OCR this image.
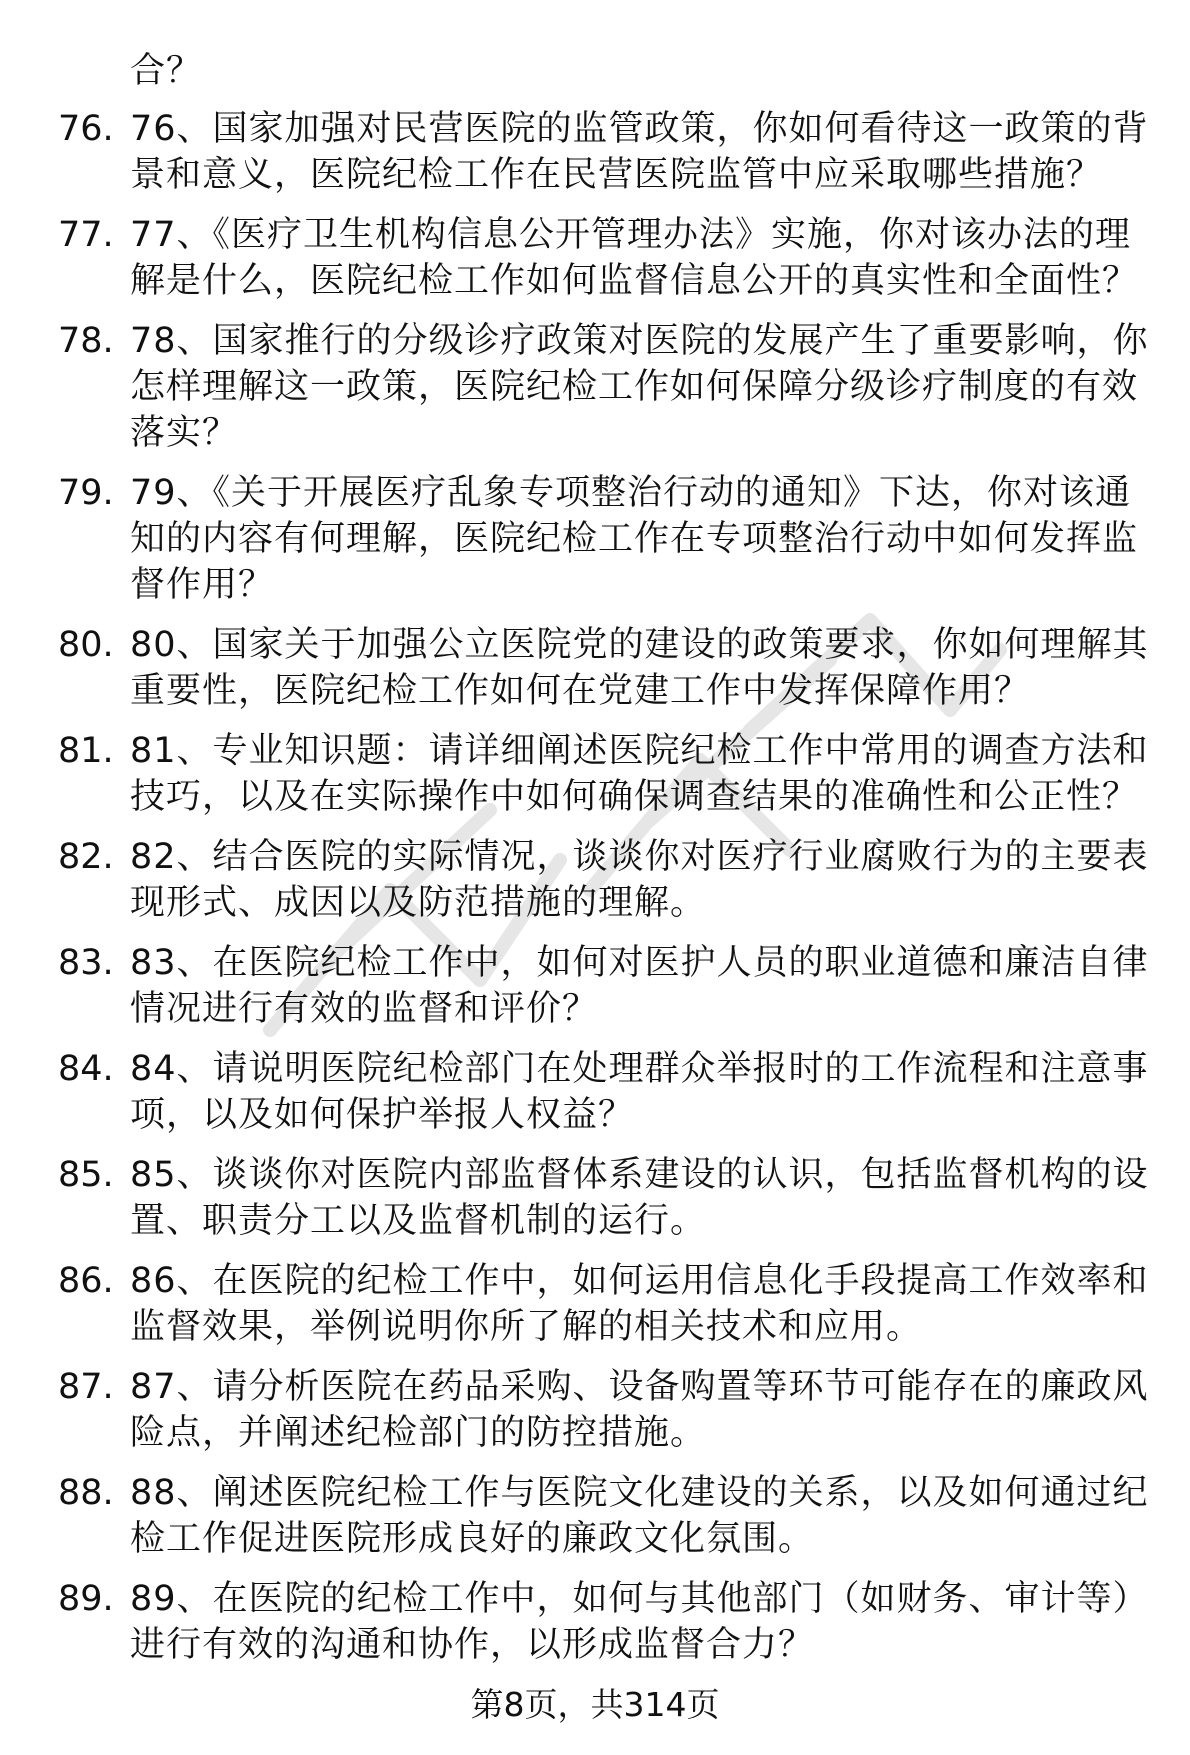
合？
76. 76、国家加强对民营医院的监管政策，你如何看待这一政策的背景和意义，医院纪检工作在民营医院监管中应采取哪些措施？
77. 77、《医疗卫生机构信息公开管理办法》实施，你对该办法的理解是什么，医院纪检工作如何监督信息公开的真实性和全面性？
78. 78、国家推行的分级诊疗政策对医院的发展产生了重要影响，你怎样理解这一政策，医院纪检工作如何保障分级诊疗制度的有效落实？
79. 79、《关于开展医疗乱象专项整治行动的通知》下达，你对该通知的内容有何理解，医院纪检工作在专项整治行动中如何发挥监督作用？
80. 80、国家关于加强公立医院党的建设的政策要求，你如何理解其重要性，医院纪检工作如何在党建工作中发挥保障作用？
81. 81、专业知识题：请详细阐述医院纪检工作中常用的调查方法和技巧，以及在实际操作中如何确保调查结果的准确性和公正性？
82. 82、结合医院的实际情况，谈谈你对医疗行业腐败行为的主要表现形式、成因以及防范措施的理解。
83. 83、在医院纪检工作中，如何对医护人员的职业道德和廉洁自律情况进行有效的监督和评价？
84. 84、请说明医院纪检部门在处理群众举报时的工作流程和注意事项，以及如何保护举报人权益？
85. 85、谈谈你对医院内部监督体系建设的认识，包括监督机构的设置、职责分工以及监督机制的运行。
86. 86、在医院的纪检工作中，如何运用信息化手段提高工作效率和监督效果，举例说明你所了解的相关技术和应用。
87. 87、请分析医院在药品采购、设备购置等环节可能存在的廉政风险点，并阐述纪检部门的防控措施。
88. 88、阐述医院纪检工作与医院文化建设的关系，以及如何通过纪检工作促进医院形成良好的廉政文化氛围。
89. 89、在医院的纪检工作中，如何与其他部门（如财务、审计等）进行有效的沟通和协作，以形成监督合力？
第8页，共314页
